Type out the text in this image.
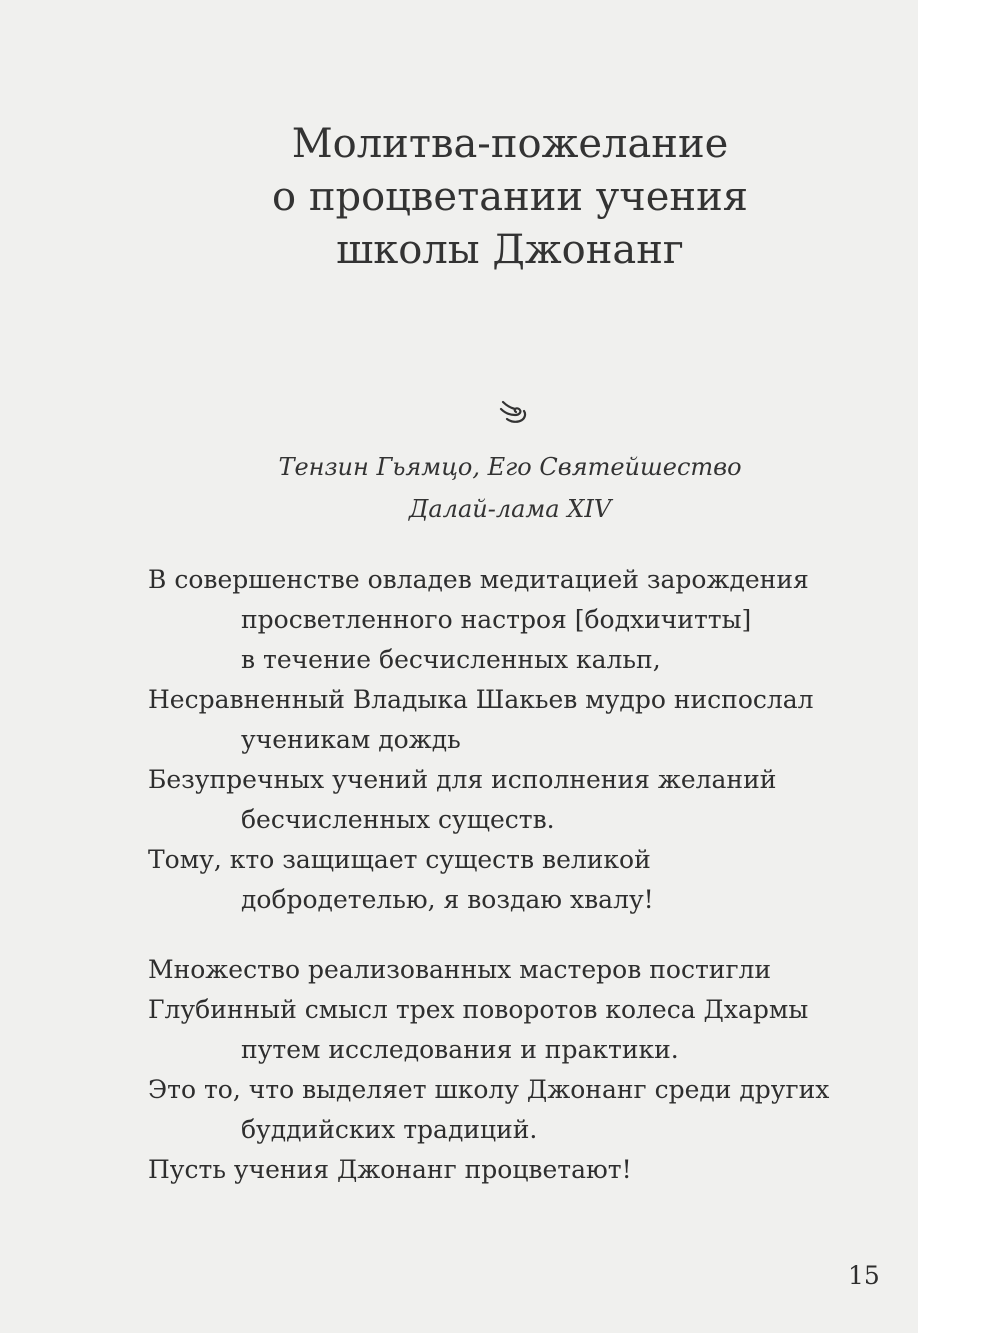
Молитва-пожелание
о процветании учения
школы Джонанг
Тензин Гьямцо, Его Святейшество
Далай-лама XIV
В совершенстве овладев медитацией зарождения
просветленного настроя [бодхичитты]
в течение бесчисленных кальп,
Несравненный Владыка Шакьев мудро ниспослал
ученикам дождь
Безупречных учений для исполнения желаний
бесчисленных существ.
Тому, кто защищает существ великой
добродетелью, я воздаю хвалу!
Множество реализованных мастеров постигли
Глубинный смысл трех поворотов колеса Дхармы
путем исследования и практики.
Это то, что выделяет школу Джонанг среди других
буддийских традиций.
Пусть учения Джонанг процветают!
15
